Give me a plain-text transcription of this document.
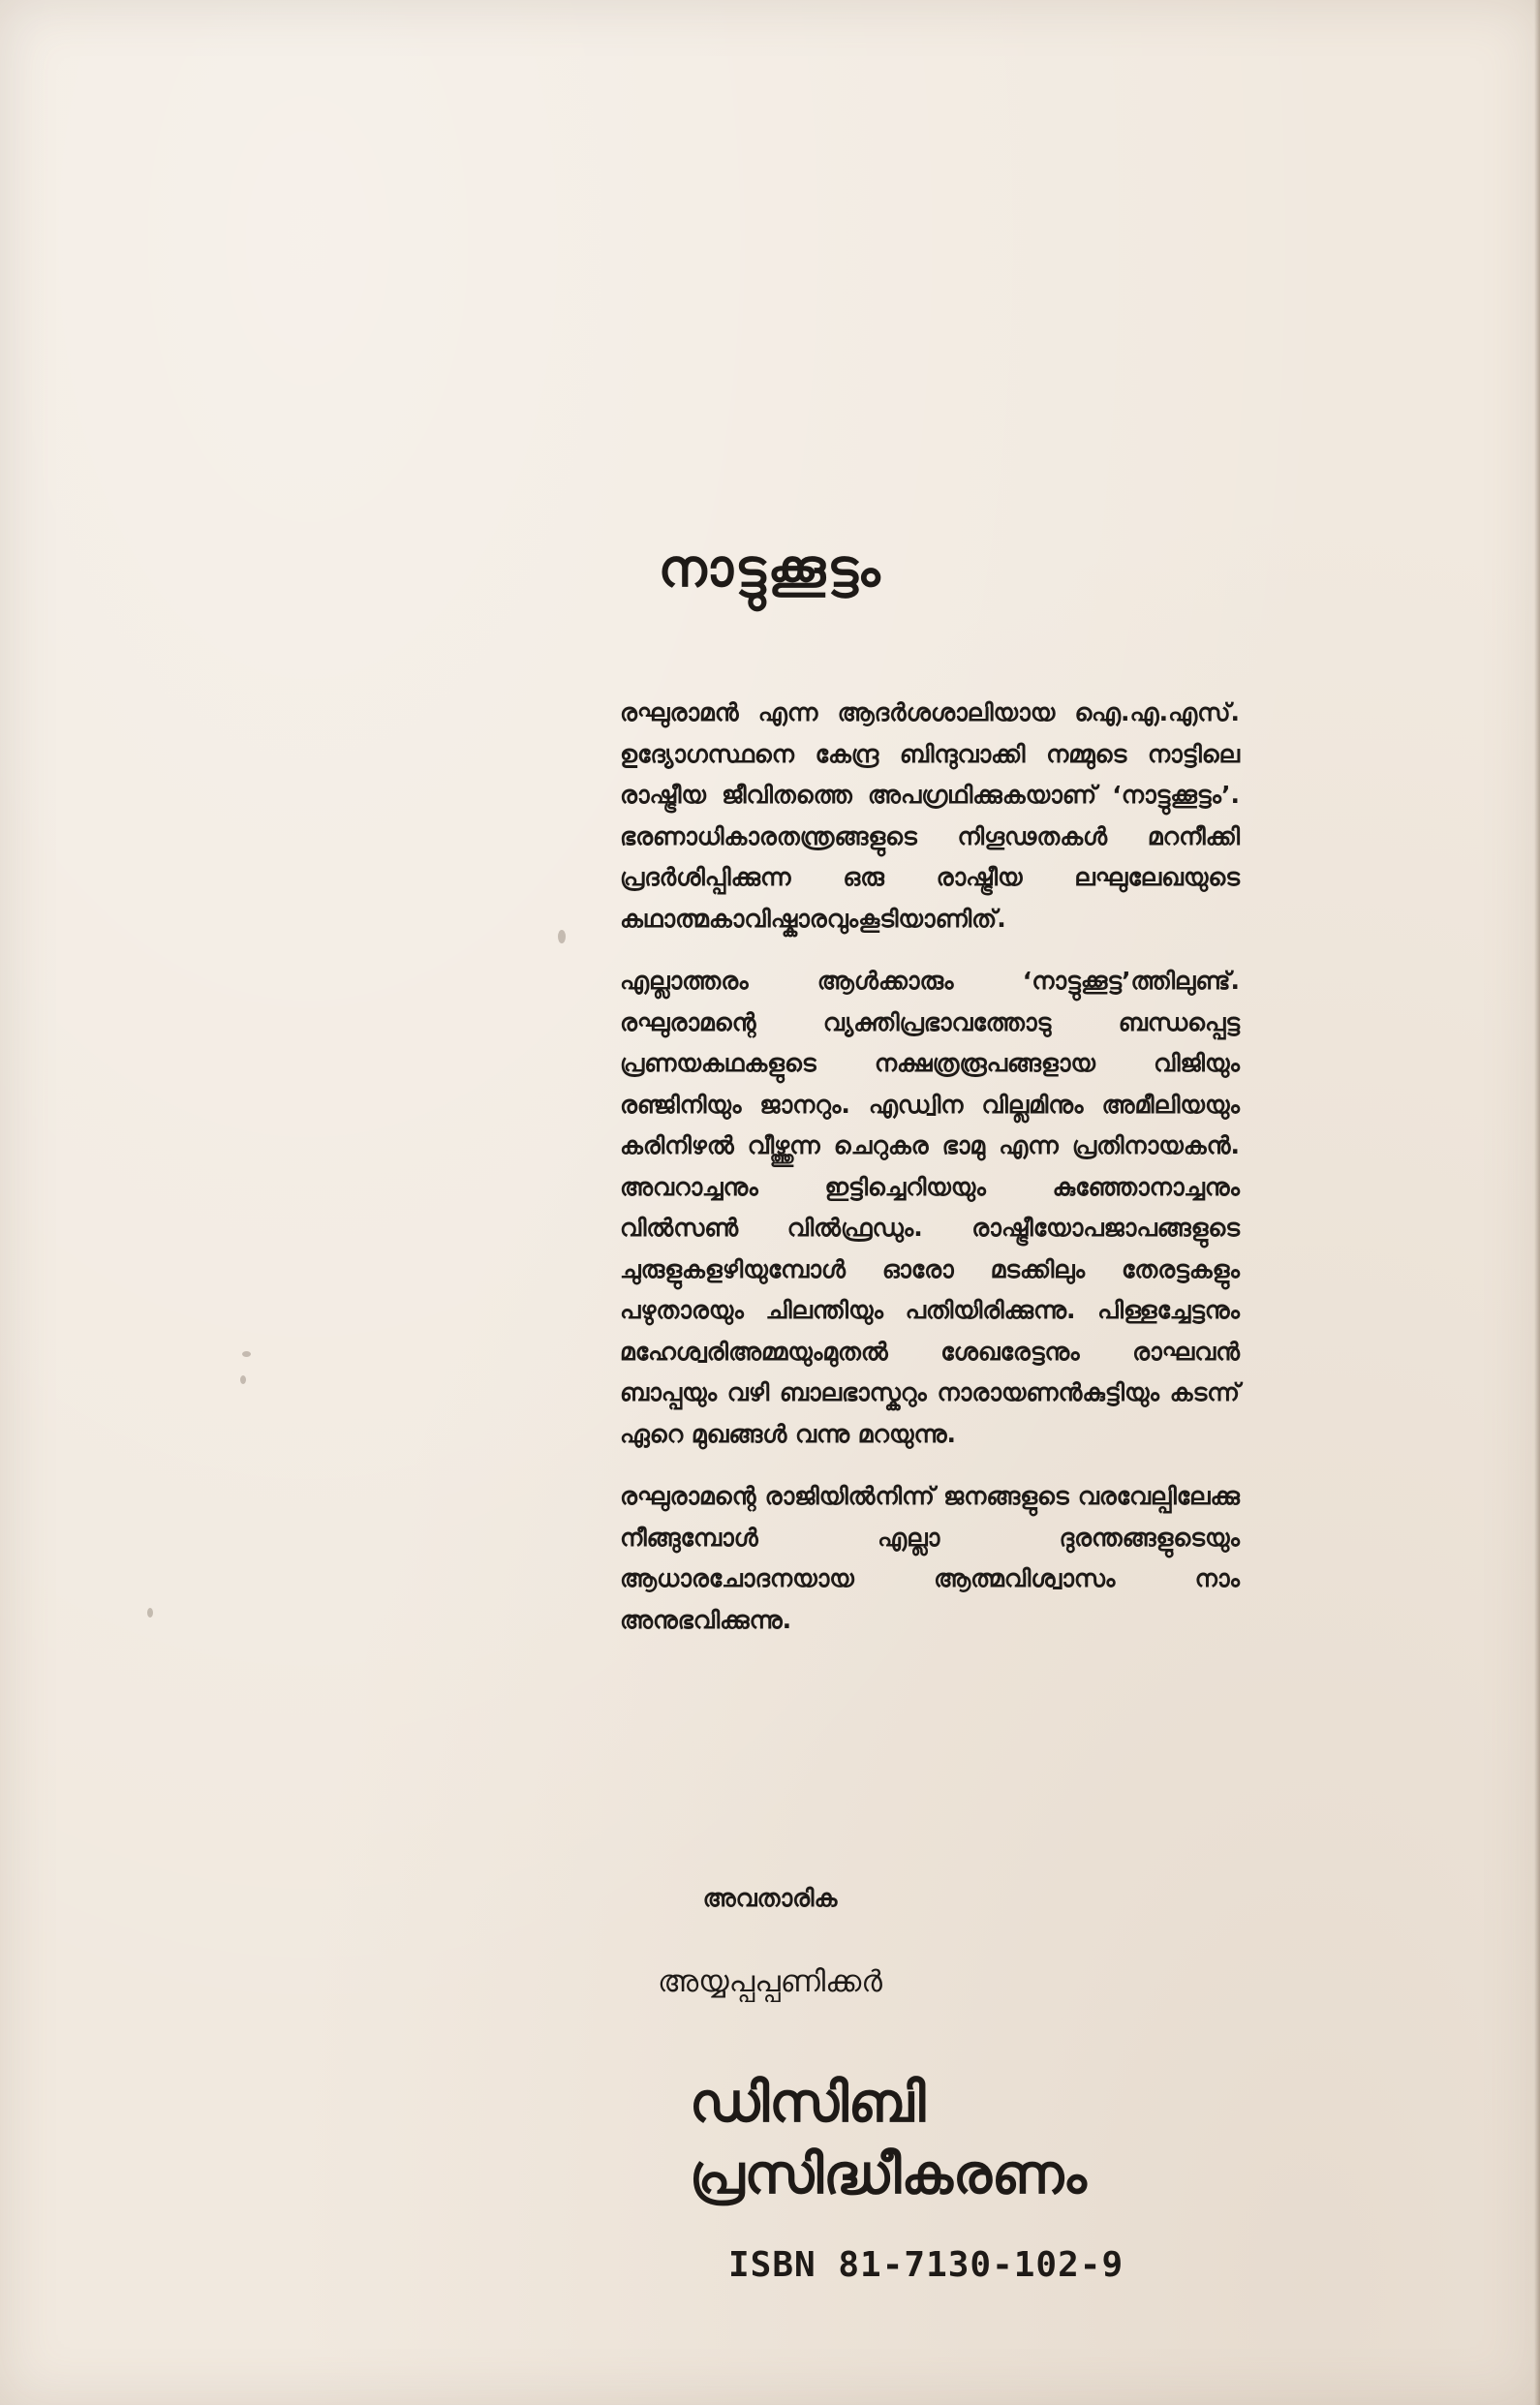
നാട്ടുക്കൂട്ടം

രഘുരാമൻ എന്ന ആദർശശാലിയായ ഐ.എ.എസ്. ഉദ്യോഗസ്ഥനെ കേന്ദ്ര ബിന്ദുവാക്കി നമ്മുടെ നാട്ടിലെ രാഷ്ട്രീയ ജീവിതത്തെ അപഗ്രഥിക്കുകയാണ് ‘നാട്ടുക്കൂട്ടം’. ഭരണാധികാരതന്ത്രങ്ങളുടെ നിഗൂഢതകൾ മറനീക്കി പ്രദർശിപ്പിക്കുന്ന ഒരു രാഷ്ട്രീയ ലഘുലേഖയുടെ കഥാത്മകാവിഷ്കാരവുംകൂടിയാണിത്.

എല്ലാത്തരം ആൾക്കാരും ‘നാട്ടുക്കൂട്ട’ത്തിലുണ്ട്. രഘുരാമന്റെ വ്യക്തിപ്രഭാവത്തോടു ബന്ധപ്പെട്ട പ്രണയകഥകളുടെ നക്ഷത്രരൂപങ്ങളായ വിജിയും രഞ്ജിനിയും ജാനറും. എഡ്വിന വില്ലമിനും അമീലിയയും കരിനിഴൽ വീഴ്ത്തുന്ന ചെറുകര ഭാമു എന്ന പ്രതിനായകൻ. അവറാച്ചനും ഇട്ടിച്ചെറിയയും കുഞ്ഞോനാച്ചനും വിൽസൺ വിൽഫ്രഡും. രാഷ്ട്രീയോപജാപങ്ങളുടെ ചുരുളുകളഴിയുമ്പോൾ ഓരോ മടക്കിലും തേരട്ടകളും പഴുതാരയും ചിലന്തിയും പതിയിരിക്കുന്നു. പിള്ളച്ചേട്ടനും മഹേശ്വരിഅമ്മയുംമുതൽ ശേഖരേട്ടനും രാഘവൻ ബാപ്പയും വഴി ബാലഭാസ്കറും നാരായണൻകുട്ടിയും കടന്ന് ഏറെ മുഖങ്ങൾ വന്നു മറയുന്നു.

രഘുരാമന്റെ രാജിയിൽനിന്ന് ജനങ്ങളുടെ വരവേല്പിലേക്കു നീങ്ങുമ്പോൾ എല്ലാ ദുരന്തങ്ങളുടെയും ആധാരചോദനയായ ആത്മവിശ്വാസം നാം അനുഭവിക്കുന്നു.

അവതാരിക

അയ്യപ്പപ്പണിക്കർ

ഡിസിബി
പ്രസിദ്ധീകരണം

ISBN 81-7130-102-9
